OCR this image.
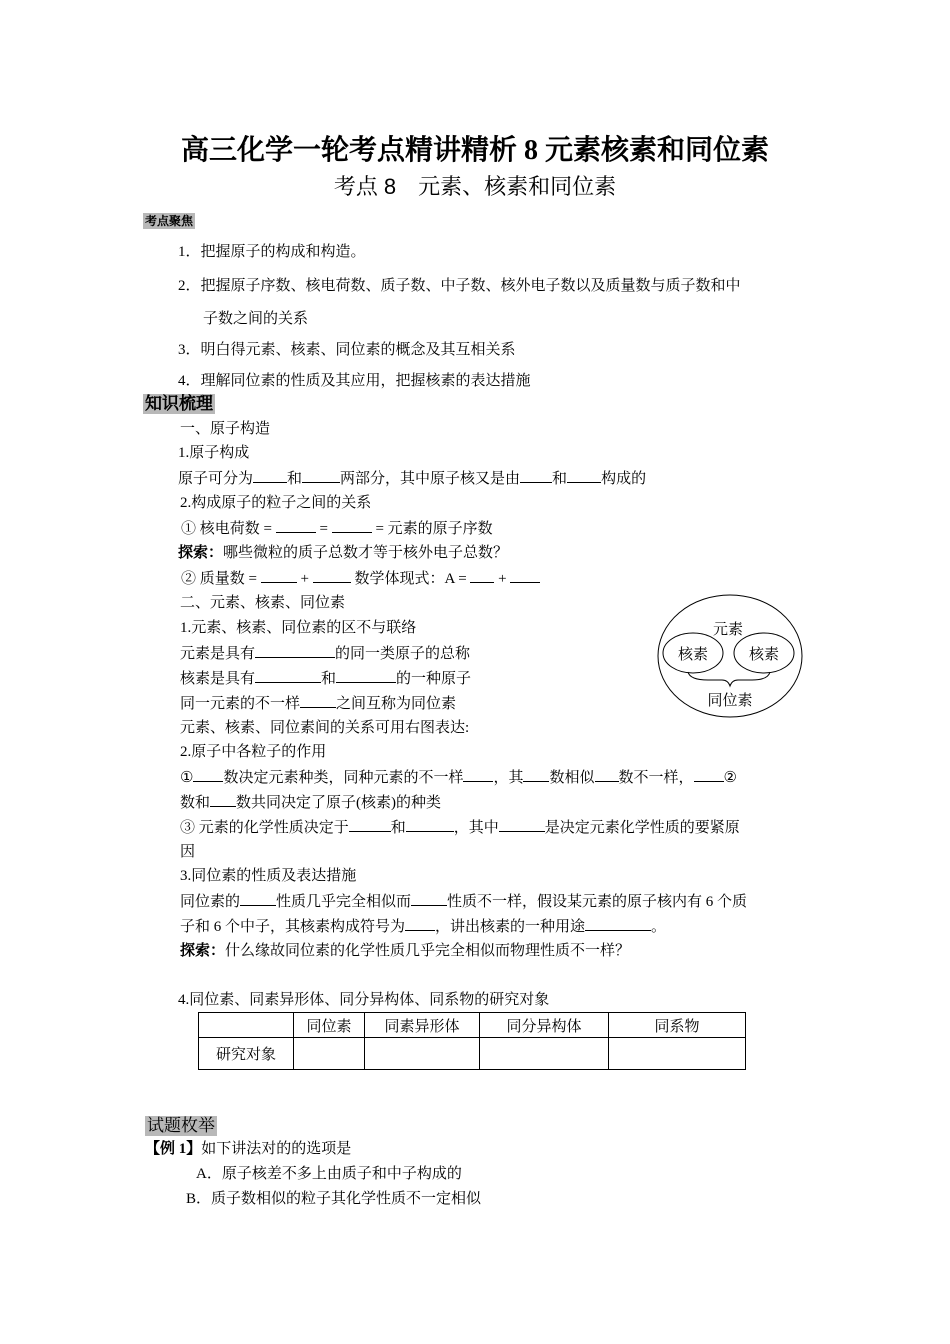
高三化学一轮考点精讲精析 8 元素核素和同位素
考点 8　元素、核素和同位素
考点聚焦
1．把握原子的构成和构造。
2．把握原子序数、核电荷数、质子数、中子数、核外电子数以及质量数与质子数和中
子数之间的关系
3．明白得元素、核素、同位素的概念及其互相关系
4．理解同位素的性质及其应用，把握核素的表达措施
知识梳理
一、原子构造
1.原子构成
原子可分为 和	两部分，其中原子核又是由 和 构成的
2.构成原子的粒子之间的关系
① 核电荷数 =	=	= 元素的原子序数
探索：哪些微粒的质子总数才等于核外电子总数？
② 质量数 =	+	数学体现式：A = +
二、元素、核素、同位素
1.元素、核素、同位素的区不与联络
元素是具有	的同一类原子的总称
核素是具有	和	的一种原子
同一元素的不一样 之间互称为同位素
元素、核素、同位素间的关系可用右图表达:
元素
核素	核素
同位素
2.原子中各粒子的作用
① 数决定元素种类，同种元素的不一样 ，其 数相似 数不一样， ②
数和 数共同决定了原子(核素)的种类
③ 元素的化学性质决定于	和	，其中	是决定元素化学性质的要紧原
因
3.同位素的性质及表达措施
同位素的 性质几乎完全相似而 性质不一样，假设某元素的原子核内有 6 个质
子和 6 个中子，其核素构成符号为 ，讲出核素的一种用途	。
探索：什么缘故同位素的化学性质几乎完全相似而物理性质不一样？
4.同位素、同素异形体、同分异构体、同系物的研究对象
	同位素	同素异形体	同分异构体	同系物
研究对象				
试题枚举
【例 1】如下讲法对的的选项是
A．原子核差不多上由质子和中子构成的
B．质子数相似的粒子其化学性质不一定相似
